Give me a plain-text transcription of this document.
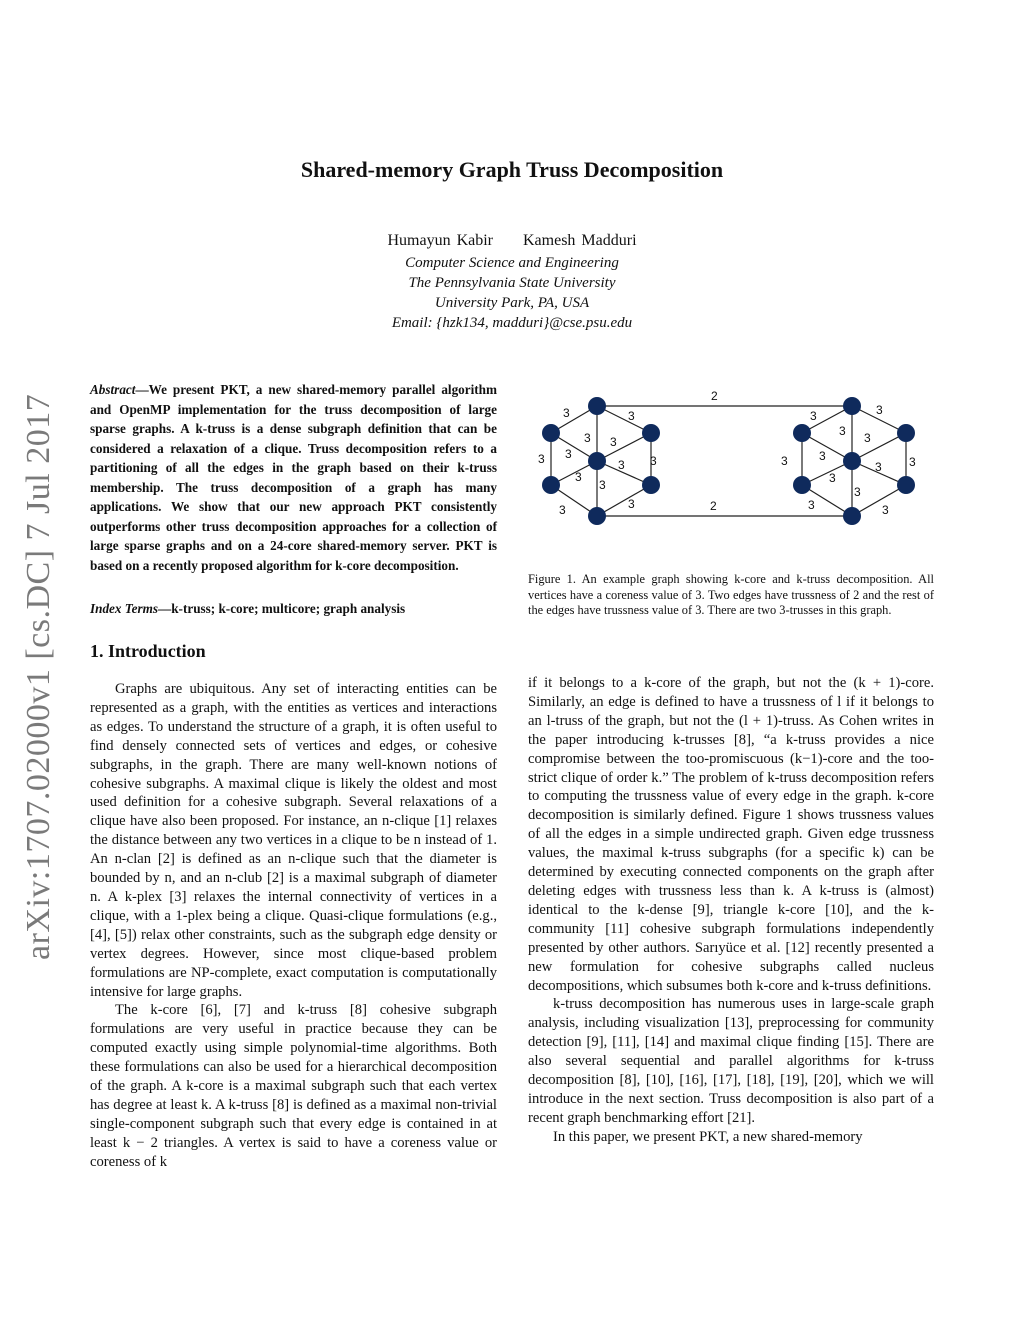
arXiv:1707.02000v1 [cs.DC] 7 Jul 2017
Shared-memory Graph Truss Decomposition
Humayun Kabir Kamesh Madduri
Computer Science and Engineering
The Pennsylvania State University
University Park, PA, USA
Email: {hzk134, madduri}@cse.psu.edu
Abstract—We present PKT, a new shared-memory parallel algorithm and OpenMP implementation for the truss decomposition of large sparse graphs. A k-truss is a dense subgraph definition that can be considered a relaxation of a clique. Truss decomposition refers to a partitioning of all the edges in the graph based on their k-truss membership. The truss decomposition of a graph has many applications. We show that our new approach PKT consistently outperforms other truss decomposition approaches for a collection of large sparse graphs and on a 24-core shared-memory server. PKT is based on a recently proposed algorithm for k-core decomposition.
Index Terms—k-truss; k-core; multicore; graph analysis
1. Introduction

Graphs are ubiquitous. Any set of interacting entities can be represented as a graph, with the entities as vertices and interactions as edges. To understand the structure of a graph, it is often useful to find densely connected sets of vertices and edges, or cohesive subgraphs, in the graph. There are many well-known notions of cohesive subgraphs. A maximal clique is likely the oldest and most used definition for a cohesive subgraph. Several relaxations of a clique have also been proposed. For instance, an n-clique [1] relaxes the distance between any two vertices in a clique to be n instead of 1. An n-clan [2] is defined as an n-clique such that the diameter is bounded by n, and an n-club [2] is a maximal subgraph of diameter n. A k-plex [3] relaxes the internal connectivity of vertices in a clique, with a 1-plex being a clique. Quasi-clique formulations (e.g., [4], [5]) relax other constraints, such as the subgraph edge density or vertex degrees. However, since most clique-based problem formulations are NP-complete, exact computation is computationally intensive for large graphs.

The k-core [6], [7] and k-truss [8] cohesive subgraph formulations are very useful in practice because they can be computed exactly using simple polynomial-time algorithms. Both these formulations can also be used for a hierarchical decomposition of the graph. A k-core is a maximal subgraph such that each vertex has degree at least k. A k-truss [8] is defined as a maximal non-trivial single-component subgraph such that every edge is contained in at least k − 2 triangles. A vertex is said to have a coreness value or coreness of k

2
3	3
3 3
3 3
3 3
3
3
3	3	2
3	3
3 3
3	3
3 3
3
3
3	3
Figure 1. An example graph showing k-core and k-truss decomposition. All vertices have a coreness value of 3. Two edges have trussness of 2 and the rest of the edges have trussness value of 3. There are two 3-trusses in this graph.

if it belongs to a k-core of the graph, but not the (k + 1)-core. Similarly, an edge is defined to have a trussness of l if it belongs to an l-truss of the graph, but not the (l + 1)-truss. As Cohen writes in the paper introducing k-trusses [8], “a k-truss provides a nice compromise between the too-promiscuous (k−1)-core and the too-strict clique of order k.” The problem of k-truss decomposition refers to computing the trussness value of every edge in the graph. k-core decomposition is similarly defined. Figure 1 shows trussness values of all the edges in a simple undirected graph. Given edge trussness values, the maximal k-truss subgraphs (for a specific k) can be determined by executing connected components on the graph after deleting edges with trussness less than k. A k-truss is (almost) identical to the k-dense [9], triangle k-core [10], and the k-community [11] cohesive subgraph formulations independently presented by other authors. Sarıyüce et al. [12] recently presented a new formulation for cohesive subgraphs called nucleus decompositions, which subsumes both k-core and k-truss definitions.

k-truss decomposition has numerous uses in large-scale graph analysis, including visualization [13], preprocessing for community detection [9], [11], [14] and maximal clique finding [15]. There are also several sequential and parallel algorithms for k-truss decomposition [8], [10], [16], [17], [18], [19], [20], which we will introduce in the next section. Truss decomposition is also part of a recent graph benchmarking effort [21].

In this paper, we present PKT, a new shared-memory
